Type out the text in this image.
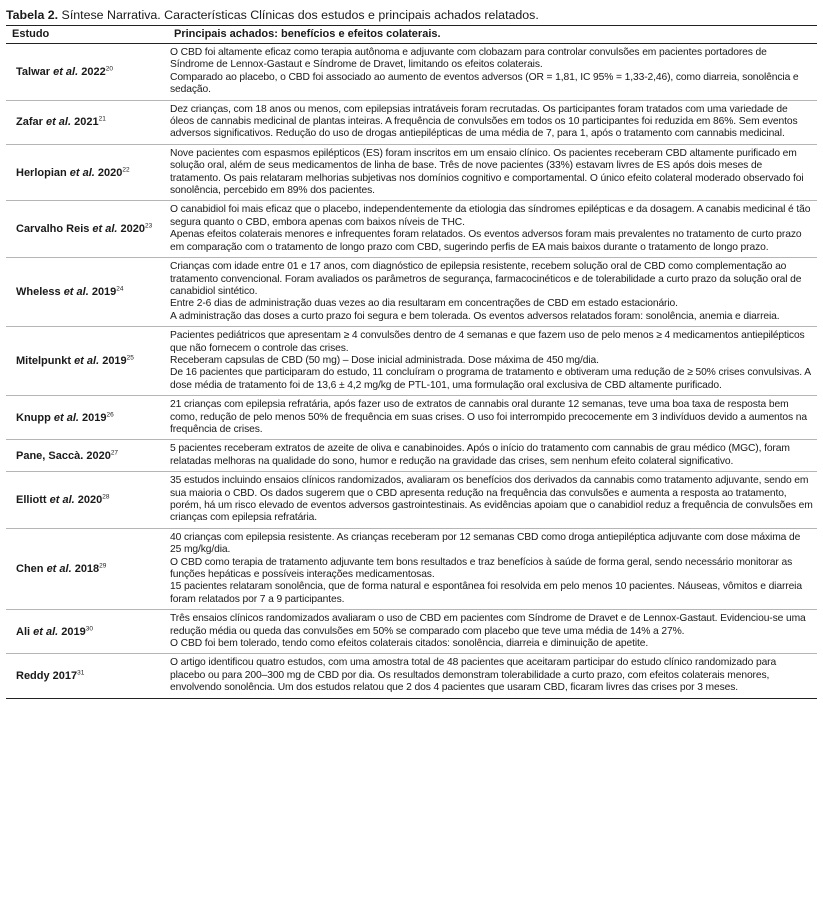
Tabela 2. Síntese Narrativa. Características Clínicas dos estudos e principais achados relatados.
Estudo	Principais achados: benefícios e efeitos colaterais.
Talwar et al. 2022$^{20}$	O CBD foi altamente eficaz como terapia autônoma e adjuvante com clobazam para controlar convulsões em pacientes portadores de Síndrome de Lennox-Gastaut e Síndrome de Dravet, limitando os efeitos colaterais.

Comparado ao placebo, o CBD foi associado ao aumento de eventos adversos (OR = 1,81, IC 95% = 1,33-2,46), como diarreia, sonolência e sedação.

Zafar et al. 2021$^{21}$	Dez crianças, com 18 anos ou menos, com epilepsias intratáveis foram recrutadas. Os participantes foram tratados com uma variedade de óleos de cannabis medicinal de plantas inteiras. A frequência de convulsões em todos os 10 participantes foi reduzida em 86%. Sem eventos adversos significativos. Redução do uso de drogas antiepilépticas de uma média de 7, para 1, após o tratamento com cannabis medicinal.

Herlopian et al. 2020$^{22}$	Nove pacientes com espasmos epilépticos (ES) foram inscritos em um ensaio clínico. Os pacientes receberam CBD altamente purificado em solução oral, além de seus medicamentos de linha de base. Três de nove pacientes (33%) estavam livres de ES após dois meses de tratamento. Os pais relataram melhorias subjetivas nos domínios cognitivo e comportamental. O único efeito colateral moderado observado foi sonolência, percebido em 89% dos pacientes.

Carvalho Reis et al. 2020$^{23}$	O canabidiol foi mais eficaz que o placebo, independentemente da etiologia das síndromes epilépticas e da dosagem. A canabis medicinal é tão segura quanto o CBD, embora apenas com baixos níveis de THC.

Apenas efeitos colaterais menores e infrequentes foram relatados. Os eventos adversos foram mais prevalentes no tratamento de curto prazo em comparação com o tratamento de longo prazo com CBD, sugerindo perfis de EA mais baixos durante o tratamento de longo prazo.

Wheless et al. 2019$^{24}$	Crianças com idade entre 01 e 17 anos, com diagnóstico de epilepsia resistente, recebem solução oral de CBD como complementação ao tratamento convencional. Foram avaliados os parâmetros de segurança, farmacocinéticos e de tolerabilidade a curto prazo da solução oral de canabidiol sintético.

Entre 2-6 dias de administração duas vezes ao dia resultaram em concentrações de CBD em estado estacionário.

A administração das doses a curto prazo foi segura e bem tolerada. Os eventos adversos relatados foram: sonolência, anemia e diarreia.

Mitelpunkt et al. 2019$^{25}$	Pacientes pediátricos que apresentam ≥ 4 convulsões dentro de 4 semanas e que fazem uso de pelo menos ≥ 4 medicamentos antiepilépticos que não fornecem o controle das crises.

Receberam capsulas de CBD (50 mg) – Dose inicial administrada. Dose máxima de 450 mg/dia.

De 16 pacientes que participaram do estudo, 11 concluíram o programa de tratamento e obtiveram uma redução de ≥ 50% crises convulsivas. A dose média de tratamento foi de 13,6 ± 4,2 mg/kg de PTL-101, uma formulação oral exclusiva de CBD altamente purificado.

Knupp et al. 2019$^{26}$	21 crianças com epilepsia refratária, após fazer uso de extratos de cannabis oral durante 12 semanas, teve uma boa taxa de resposta bem como, redução de pelo menos 50% de frequência em suas crises. O uso foi interrompido precocemente em 3 indivíduos devido a aumentos na frequência de crises.

Pane, Saccà. 2020$^{27}$	5 pacientes receberam extratos de azeite de oliva e canabinoides. Após o início do tratamento com cannabis de grau médico (MGC), foram relatadas melhoras na qualidade do sono, humor e redução na gravidade das crises, sem nenhum efeito colateral significativo.

Elliott et al. 2020$^{28}$	35 estudos incluindo ensaios clínicos randomizados, avaliaram os benefícios dos derivados da cannabis como tratamento adjuvante, sendo em sua maioria o CBD. Os dados sugerem que o CBD apresenta redução na frequência das convulsões e aumenta a resposta ao tratamento, porém, há um risco elevado de eventos adversos gastrointestinais. As evidências apoiam que o canabidiol reduz a frequência de convulsões em crianças com epilepsia refratária.

Chen et al. 2018$^{29}$	40 crianças com epilepsia resistente. As crianças receberam por 12 semanas CBD como droga antiepiléptica adjuvante com dose máxima de 25 mg/kg/dia.

O CBD como terapia de tratamento adjuvante tem bons resultados e traz benefícios à saúde de forma geral, sendo necessário monitorar as funções hepáticas e possíveis interações medicamentosas.

15 pacientes relataram sonolência, que de forma natural e espontânea foi resolvida em pelo menos 10 pacientes. Náuseas, vômitos e diarreia foram relatados por 7 a 9 participantes.

Ali et al. 2019$^{30}$	Três ensaios clínicos randomizados avaliaram o uso de CBD em pacientes com Síndrome de Dravet e de Lennox-Gastaut. Evidenciou-se uma redução média ou queda das convulsões em 50% se comparado com placebo que teve uma média de 14% a 27%.

O CBD foi bem tolerado, tendo como efeitos colaterais citados: sonolência, diarreia e diminuição de apetite.

Reddy 2017$^{31}$	O artigo identificou quatro estudos, com uma amostra total de 48 pacientes que aceitaram participar do estudo clínico randomizado para placebo ou para 200–300 mg de CBD por dia. Os resultados demonstram tolerabilidade a curto prazo, com efeitos colaterais menores, envolvendo sonolência. Um dos estudos relatou que 2 dos 4 pacientes que usaram CBD, ficaram livres das crises por 3 meses.
